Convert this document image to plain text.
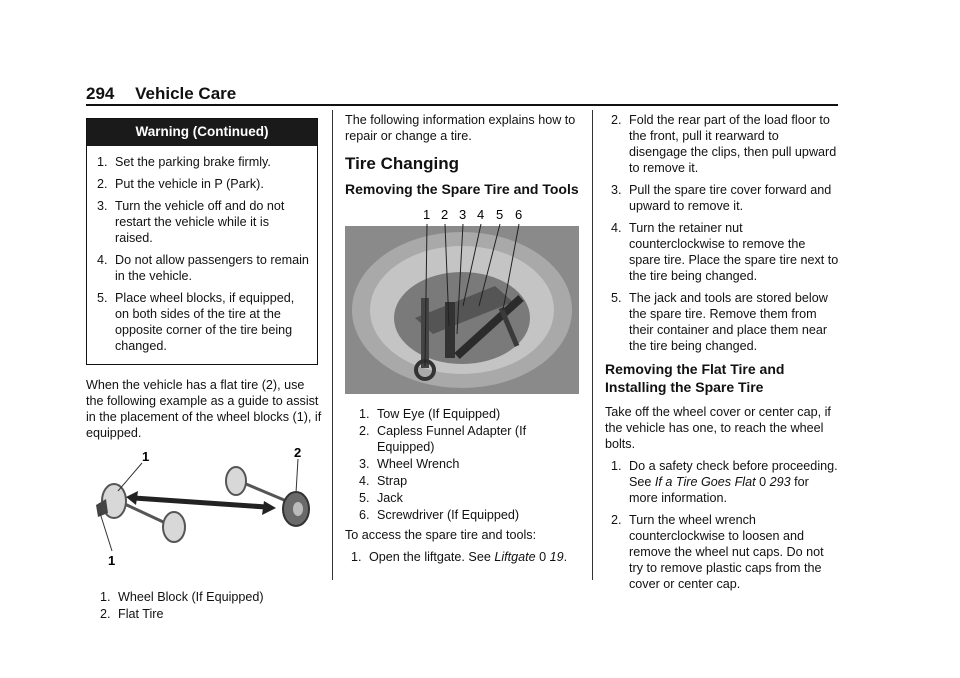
294 Vehicle Care
Warning (Continued)
1. Set the parking brake firmly.
2. Put the vehicle in P (Park).
3. Turn the vehicle off and do not restart the vehicle while it is raised.
4. Do not allow passengers to remain in the vehicle.
5. Place wheel blocks, if equipped, on both sides of the tire at the opposite corner of the tire being changed.

When the vehicle has a flat tire (2), use the following example as a guide to assist in the placement of the wheel blocks (1), if equipped.

1	2
1
1. Wheel Block (If Equipped)
2. Flat Tire

The following information explains how to repair or change a tire.

Tire Changing
Removing the Spare Tire and Tools
1 2 3 4 5 6
1. Tow Eye (If Equipped)
2. Capless Funnel Adapter (If Equipped)
3. Wheel Wrench
4. Strap
5. Jack
6. Screwdriver (If Equipped)

To access the spare tire and tools:

1. Open the liftgate. See Liftgate 0 19.
2. Fold the rear part of the load floor to the front, pull it rearward to disengage the clips, then pull upward to remove it.
3. Pull the spare tire cover forward and upward to remove it.
4. Turn the retainer nut counterclockwise to remove the spare tire. Place the spare tire next to the tire being changed.
5. The jack and tools are stored below the spare tire. Remove them from their container and place them near the tire being changed.
Removing the Flat Tire and Installing the Spare Tire

Take off the wheel cover or center cap, if the vehicle has one, to reach the wheel bolts.

1. Do a safety check before proceeding. See If a Tire Goes Flat 0 293 for more information.
2. Turn the wheel wrench counterclockwise to loosen and remove the wheel nut caps. Do not try to remove plastic caps from the cover or center cap.
